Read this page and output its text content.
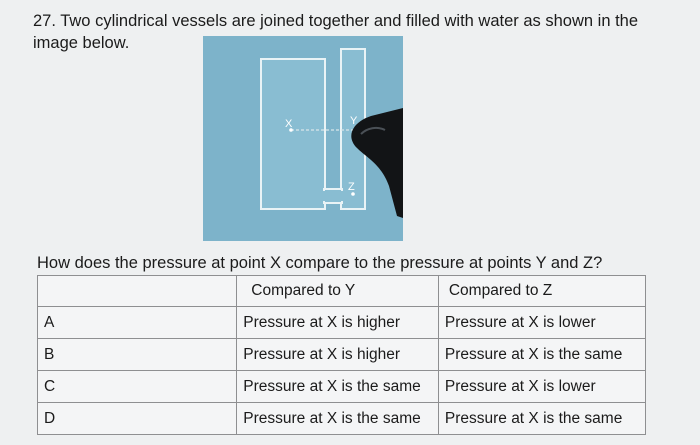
27. Two cylindrical vessels are joined together and filled with water as shown in the image below.
X	Y
Z
How does the pressure at point X compare to the pressure at points Y and Z?
	Compared to Y	Compared to Z
A	Pressure at X is higher	Pressure at X is lower
B	Pressure at X is higher	Pressure at X is the same
C	Pressure at X is the same	Pressure at X is lower
D	Pressure at X is the same	Pressure at X is the same
